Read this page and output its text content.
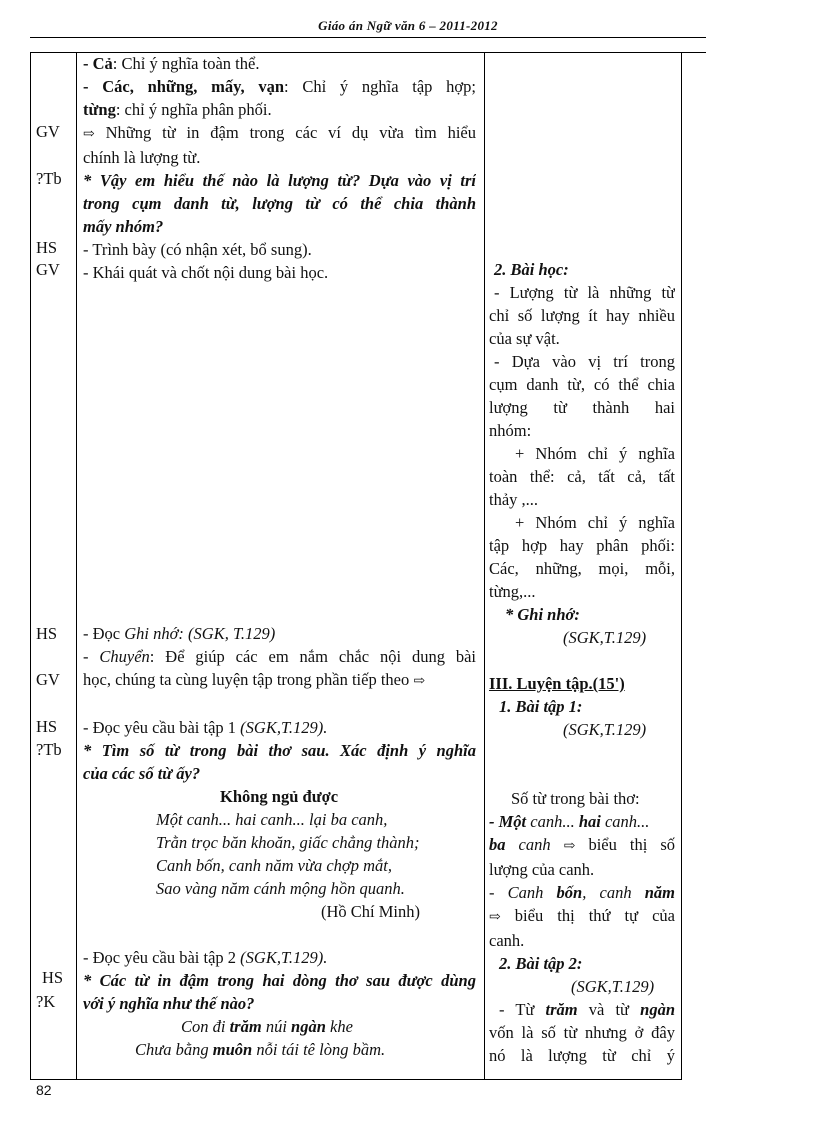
Giáo án Ngữ văn 6 – 2011-2012
GV
?Tb
HS
GV
HS
GV
HS
?Tb
HS
?K
- Cả: Chỉ ý nghĩa toàn thể.
- Các, những, mấy, vạn: Chỉ ý nghĩa tập hợp;
từng: chỉ ý nghĩa phân phối.
⇨ Những từ in đậm trong các ví dụ vừa tìm hiểu
chính là lượng từ.
* Vậy em hiểu thế nào là lượng từ? Dựa vào vị trí
trong cụm danh từ, lượng từ có thể chia thành
mấy nhóm?
- Trình bày (có nhận xét, bổ sung).
- Khái quát và chốt nội dung bài học.
- Đọc Ghi nhớ: (SGK, T.129)
- Chuyển: Để giúp các em nắm chắc nội dung bài
học, chúng ta cùng luyện tập trong phần tiếp theo ⇨
- Đọc yêu cầu bài tập 1 (SGK,T.129).
* Tìm số từ trong bài thơ sau. Xác định ý nghĩa
của các số từ ấy?
Không ngủ được
Một canh... hai canh... lại ba canh,
Trằn trọc băn khoăn, giấc chẳng thành;
Canh bốn, canh năm vừa chợp mắt,
Sao vàng năm cánh mộng hồn quanh.
(Hồ Chí Minh)
- Đọc yêu cầu bài tập 2 (SGK,T.129).
* Các từ in đậm trong hai dòng thơ sau được dùng
với ý nghĩa như thế nào?
Con đi trăm núi ngàn khe
Chưa bằng muôn nỗi tái tê lòng bầm.
2. Bài học:
- Lượng từ là những từ
chỉ số lượng ít hay nhiều
của sự vật.
- Dựa vào vị trí trong
cụm danh từ, có thể chia
lượng từ thành hai
nhóm:
+ Nhóm chỉ ý nghĩa
toàn thể: cả, tất cả, tất
thảy ,...
+ Nhóm chỉ ý nghĩa
tập hợp hay phân phối:
Các, những, mọi, mỗi,
từng,...
* Ghi nhớ:
(SGK,T.129)
III. Luyện tập.(15')
1. Bài tập 1:
(SGK,T.129)
Số từ trong bài thơ:
- Một canh... hai canh...
ba canh ⇨ biểu thị số
lượng của canh.
- Canh bốn, canh năm
⇨ biểu thị thứ tự của
canh.
2. Bài tập 2:
(SGK,T.129)
- Từ trăm và từ ngàn
vốn là số từ nhưng ở đây
nó là lượng từ chỉ ý
82
